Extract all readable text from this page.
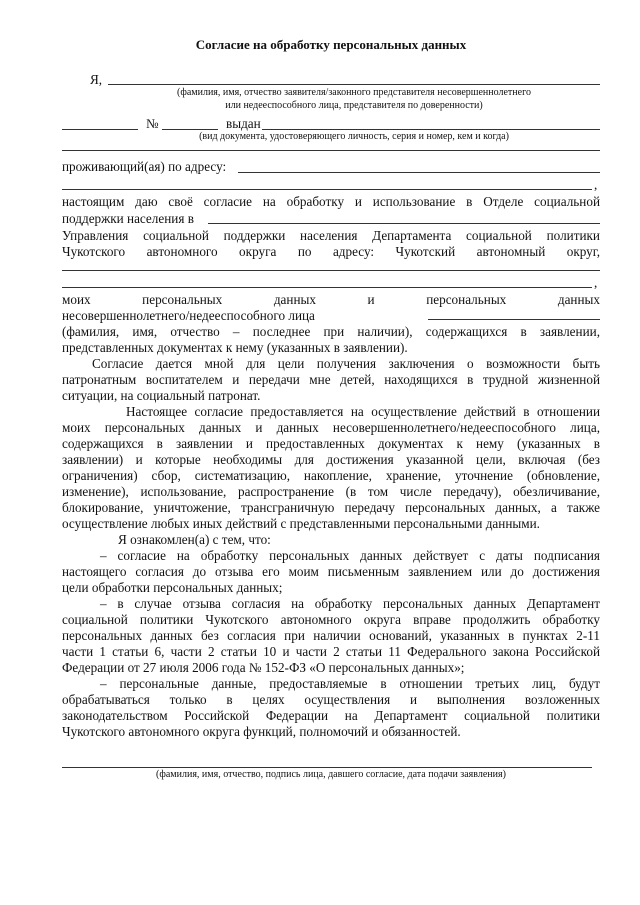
Согласие на обработку персональных данных
Я,
(фамилия, имя, отчество заявителя/законного представителя несовершеннолетнего
или недееспособного лица, представителя по доверенности)
№	выдан
(вид документа, удостоверяющего личность, серия и номер, кем и когда)
проживающий(ая) по адресу:
,
настоящим даю своё согласие на обработку и использование в Отделе социальной
поддержки населения в
Управления социальной поддержки населения Департамента социальной политики
Чукотского автономного округа по адресу: Чукотский автономный округ,
,
моих персональных данных и персональных данных
несовершеннолетнего/недееспособного лица
(фамилия, имя, отчество – последнее при наличии), содержащихся в заявлении,
представленных документах к нему (указанных в заявлении).
Согласие дается мной для цели получения заключения о возможности быть
патронатным воспитателем и передачи мне детей, находящихся в трудной жизненной
ситуации, на социальный патронат.
Настоящее согласие предоставляется на осуществление действий в отношении
моих персональных данных и данных несовершеннолетнего/недееспособного лица,
содержащихся в заявлении и предоставленных документах к нему (указанных в
заявлении) и которые необходимы для достижения указанной цели, включая (без
ограничения) сбор, систематизацию, накопление, хранение, уточнение (обновление,
изменение), использование, распространение (в том числе передачу), обезличивание,
блокирование, уничтожение, трансграничную передачу персональных данных, а также
осуществление любых иных действий с представленными персональными данными.
Я ознакомлен(а) с тем, что:
– согласие на обработку персональных данных действует с даты подписания
настоящего согласия до отзыва его моим письменным заявлением или до достижения
цели обработки персональных данных;
– в случае отзыва согласия на обработку персональных данных Департамент
социальной политики Чукотского автономного округа вправе продолжить обработку
персональных данных без согласия при наличии оснований, указанных в пунктах 2-11
части 1 статьи 6, части 2 статьи 10 и части 2 статьи 11 Федерального закона Российской
Федерации от 27 июля 2006 года № 152-ФЗ «О персональных данных»;
– персональные данные, предоставляемые в отношении третьих лиц, будут
обрабатываться только в целях осуществления и выполнения возложенных
законодательством Российской Федерации на Департамент социальной политики
Чукотского автономного округа функций, полномочий и обязанностей.
(фамилия, имя, отчество, подпись лица, давшего согласие, дата подачи заявления)
